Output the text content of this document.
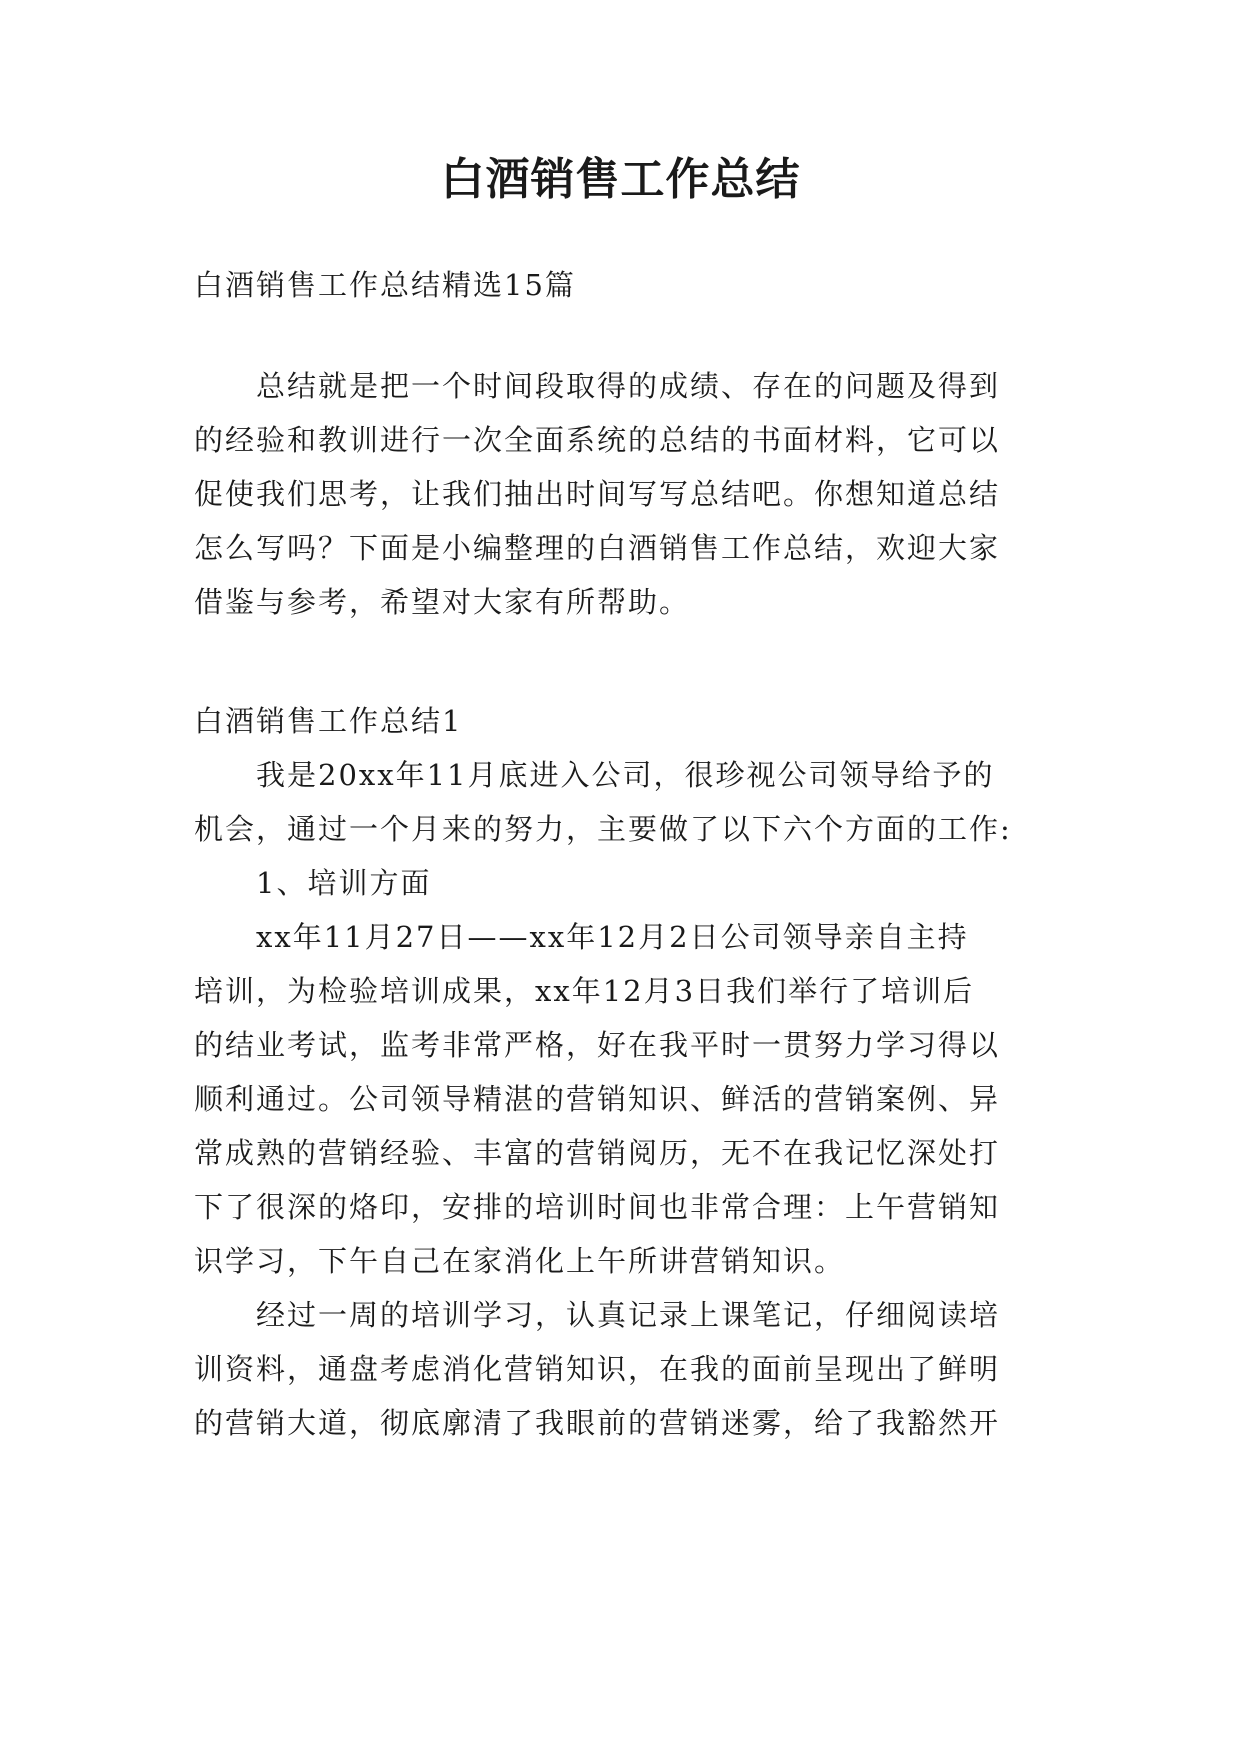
白酒销售工作总结
白酒销售工作总结精选15篇
总结就是把一个时间段取得的成绩、存在的问题及得到
的经验和教训进行一次全面系统的总结的书面材料，它可以
促使我们思考，让我们抽出时间写写总结吧。你想知道总结
怎么写吗？下面是小编整理的白酒销售工作总结，欢迎大家
借鉴与参考，希望对大家有所帮助。
白酒销售工作总结1
我是20xx年11月底进入公司，很珍视公司领导给予的
机会，通过一个月来的努力，主要做了以下六个方面的工作:
1、培训方面
xx年11月27日——xx年12月2日公司领导亲自主持
培训，为检验培训成果，xx年12月3日我们举行了培训后
的结业考试，监考非常严格，好在我平时一贯努力学习得以
顺利通过。公司领导精湛的营销知识、鲜活的营销案例、异
常成熟的营销经验、丰富的营销阅历，无不在我记忆深处打
下了很深的烙印，安排的培训时间也非常合理：上午营销知
识学习，下午自己在家消化上午所讲营销知识。
经过一周的培训学习，认真记录上课笔记，仔细阅读培
训资料，通盘考虑消化营销知识，在我的面前呈现出了鲜明
的营销大道，彻底廓清了我眼前的营销迷雾，给了我豁然开
